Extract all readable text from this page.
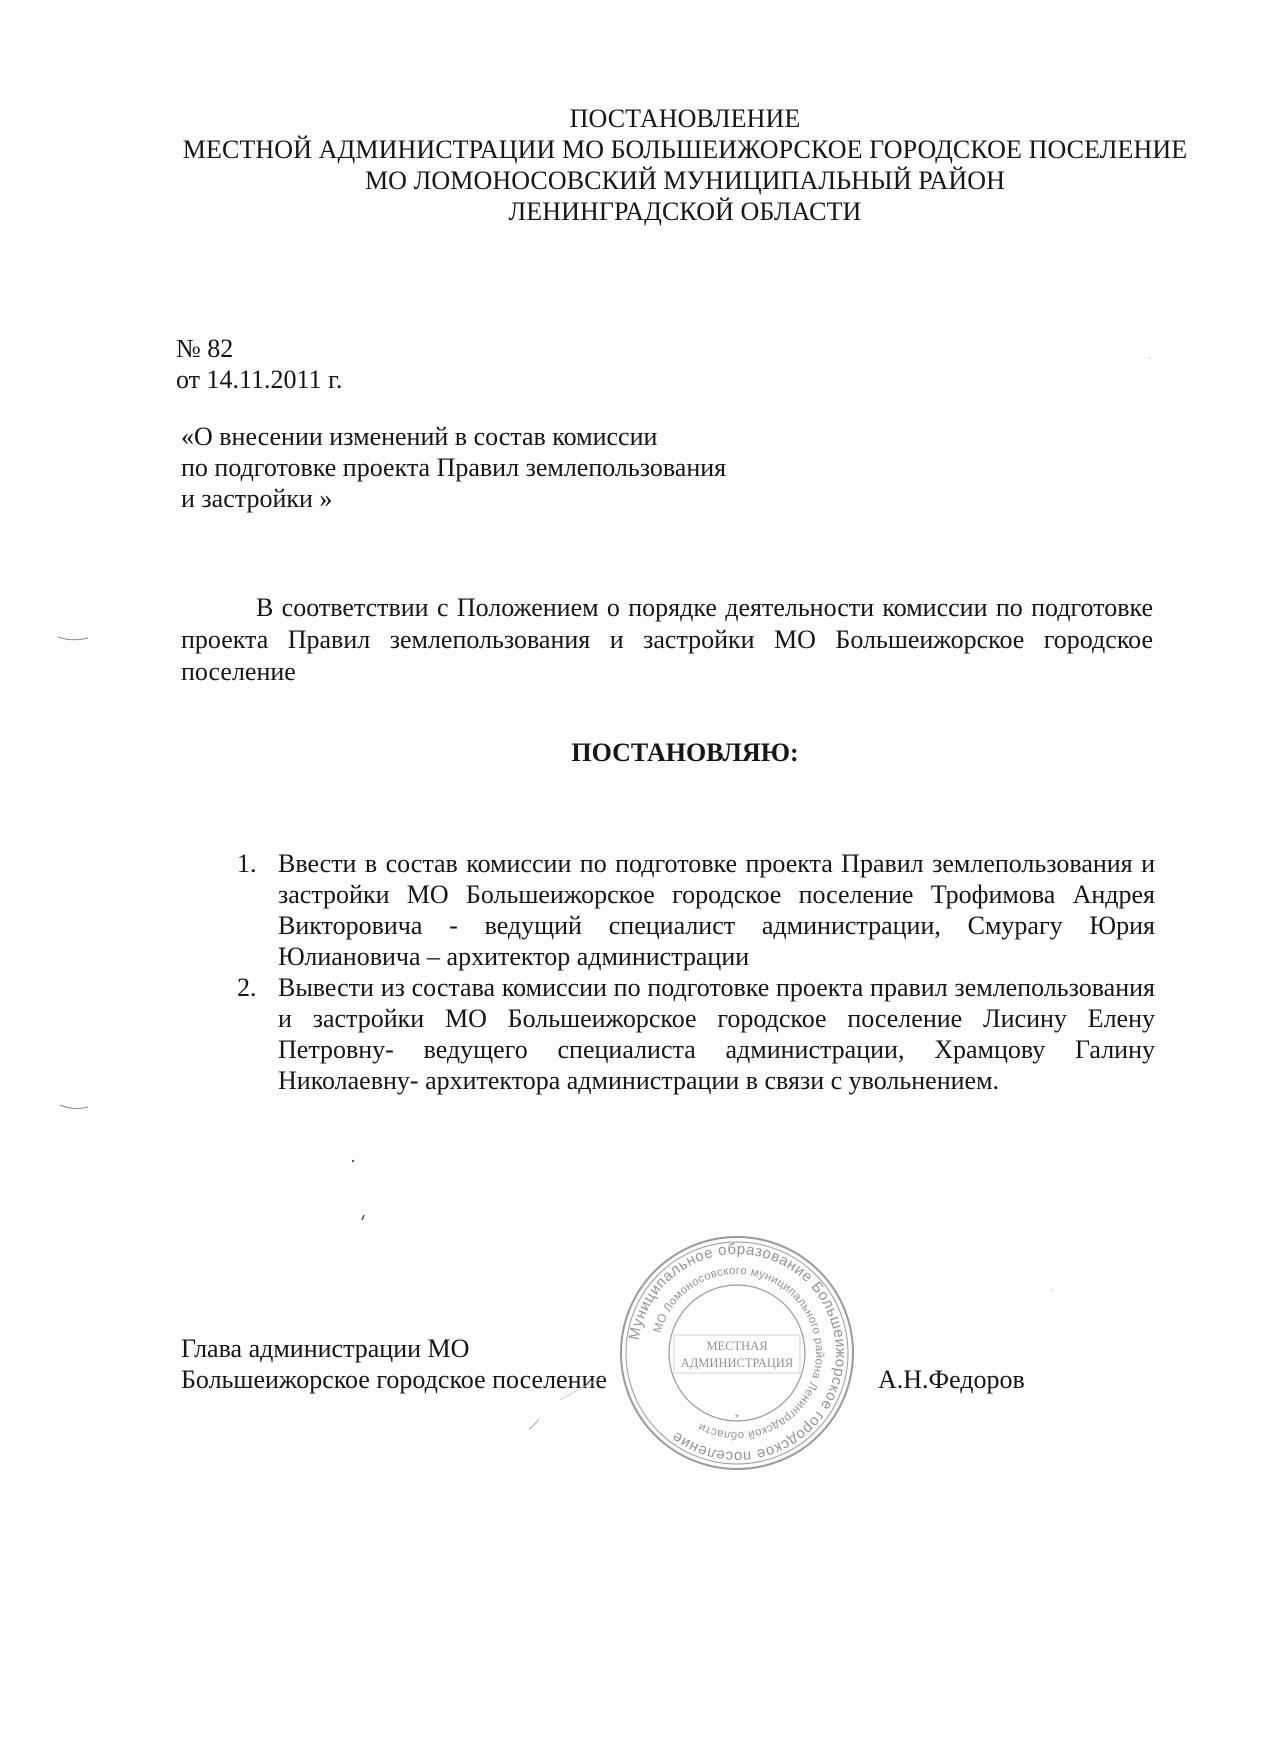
ПОСТАНОВЛЕНИЕ
МЕСТНОЙ АДМИНИСТРАЦИИ МО БОЛЬШЕИЖОРСКОЕ ГОРОДСКОЕ ПОСЕЛЕНИЕ
МО ЛОМОНОСОВСКИЙ МУНИЦИПАЛЬНЫЙ РАЙОН
ЛЕНИНГРАДСКОЙ ОБЛАСТИ
№ 82
от 14.11.2011 г.
«О внесении изменений в состав комиссии
по подготовке проекта Правил землепользования
и застройки »
В соответствии с Положением о порядке деятельности комиссии по подготовке проекта Правил землепользования и застройки МО Большеижорское городское поселение
ПОСТАНОВЛЯЮ:
1. Ввести в состав комиссии по подготовке проекта Правил землепользования и застройки МО Большеижорское городское поселение Трофимова Андрея Викторовича - ведущий специалист администрации, Смурагу Юрия Юлиановича – архитектор администрации
2. Вывести из состава комиссии по подготовке проекта правил землепользования и застройки МО Большеижорское городское поселение Лисину Елену Петровну- ведущего специалиста администрации, Храмцову Галину Николаевну- архитектора администрации в связи с увольнением.
Глава администрации МО
Большеижорское городское поселение	А.Н.Федоров
Муниципальное образование Большеижорское городское поселение
МО Ломоносовского муниципального района Ленинградской области
МЕСТНАЯ
АДМИНИСТРАЦИЯ
*
